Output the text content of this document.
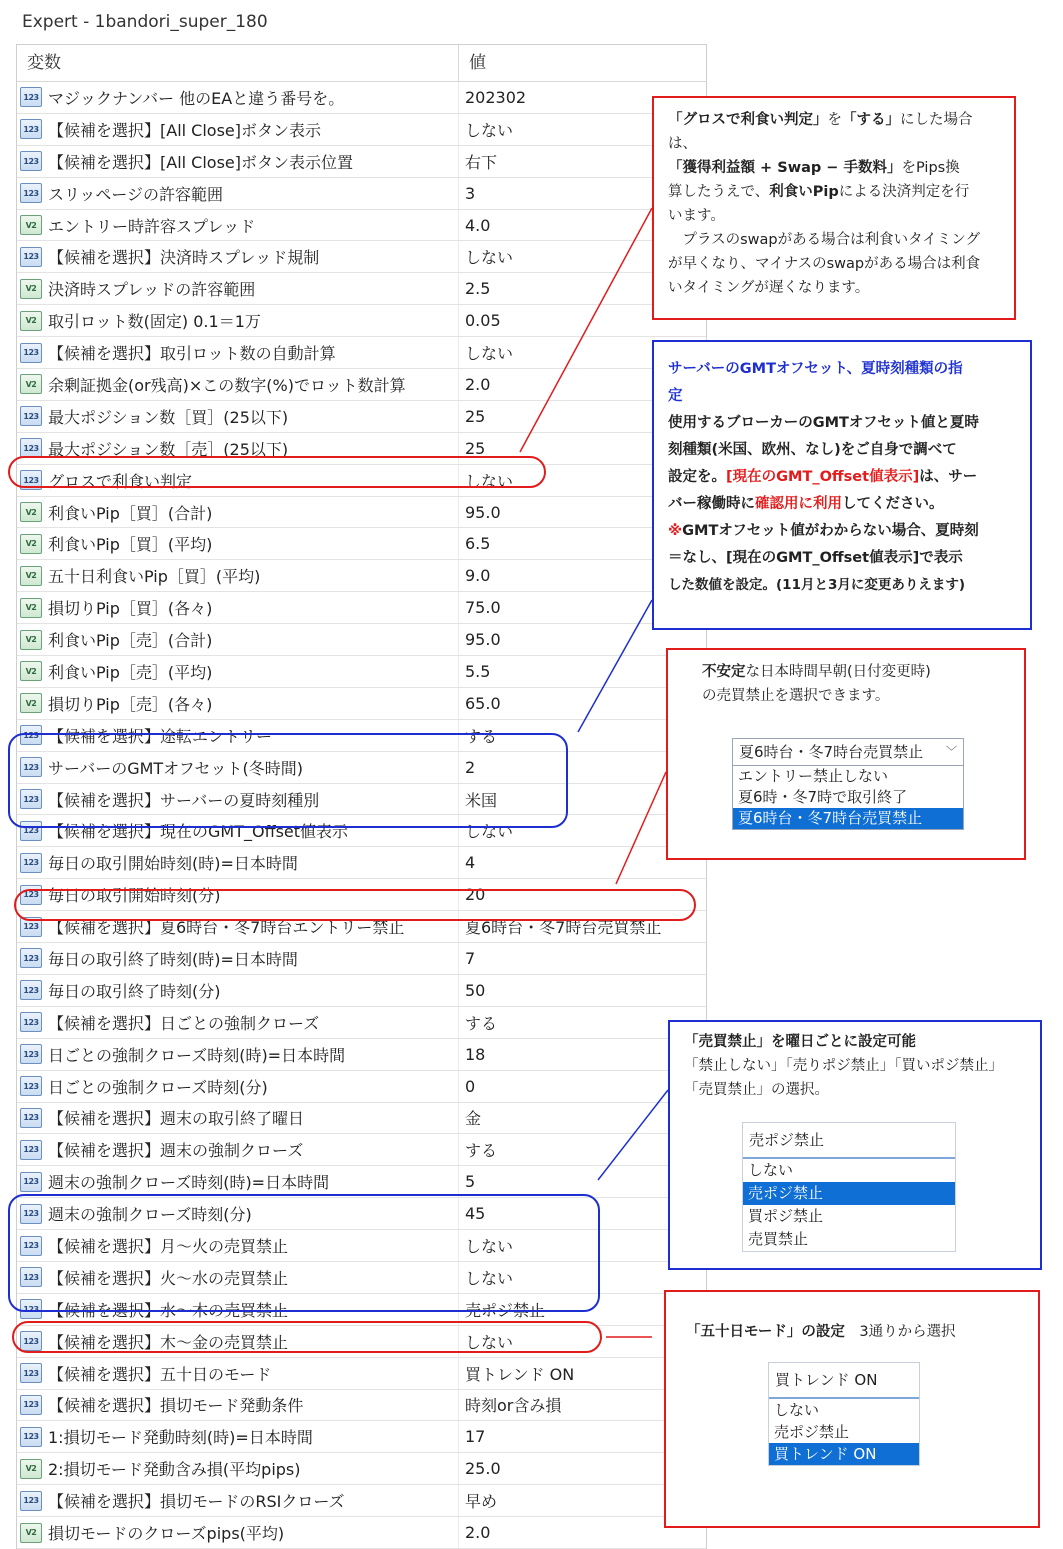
Expert - 1bandori_super_180
変数	値
123 マジックナンバー 他のEAと違う番号を。	202302
123 【候補を選択】[All Close]ボタン表示	しない
123 【候補を選択】[All Close]ボタン表示位置	右下
123 スリッページの許容範囲	3
V2 エントリー時許容スプレッド	4.0
123 【候補を選択】決済時スプレッド規制	しない
V2 決済時スプレッドの許容範囲	2.5
V2 取引ロット数(固定) 0.1＝1万	0.05
123 【候補を選択】取引ロット数の自動計算	しない
V2 余剰証拠金(or残高)×この数字(%)でロット数計算	2.0
123 最大ポジション数［買］(25以下)	25
123 最大ポジション数［売］(25以下)	25
123 グロスで利食い判定	しない
V2 利食いPip［買］(合計)	95.0
V2 利食いPip［買］(平均)	6.5
V2 五十日利食いPip［買］(平均)	9.0
V2 損切りPip［買］(各々)	75.0
V2 利食いPip［売］(合計)	95.0
V2 利食いPip［売］(平均)	5.5
V2 損切りPip［売］(各々)	65.0
123 【候補を選択】途転エントリー	する
123 サーバーのGMTオフセット(冬時間)	2
123 【候補を選択】サーバーの夏時刻種別	米国
123 【候補を選択】現在のGMT_Offset値表示	しない
123 毎日の取引開始時刻(時)=日本時間	4
123 毎日の取引開始時刻(分)	20
123 【候補を選択】夏6時台・冬7時台エントリー禁止	夏6時台・冬7時台売買禁止
123 毎日の取引終了時刻(時)=日本時間	7
123 毎日の取引終了時刻(分)	50
123 【候補を選択】日ごとの強制クローズ	する
123 日ごとの強制クローズ時刻(時)=日本時間	18
123 日ごとの強制クローズ時刻(分)	0
123 【候補を選択】週末の取引終了曜日	金
123 【候補を選択】週末の強制クローズ	する
123 週末の強制クローズ時刻(時)=日本時間	5
123 週末の強制クローズ時刻(分)	45
123 【候補を選択】月～火の売買禁止	しない
123 【候補を選択】火～水の売買禁止	しない
123 【候補を選択】水～木の売買禁止	売ポジ禁止
123 【候補を選択】木～金の売買禁止	しない
123 【候補を選択】五十日のモード	買トレンド ON
123 【候補を選択】損切モード発動条件	時刻or含み損
123 1:損切モード発動時刻(時)=日本時間	17
V2 2:損切モード発動含み損(平均pips)	25.0
123 【候補を選択】損切モードのRSIクローズ	早め
V2 損切モードのクローズpips(平均)	2.0
「グロスで利食い判定」を「する」にした場合は、
「獲得利益額 + Swap − 手数料」をPips換
算したうえで、利食いPipによる決済判定を行
います。
　プラスのswapがある場合は利食いタイミング
が早くなり、マイナスのswapがある場合は利食
いタイミングが遅くなります。
サーバーのGMTオフセット、夏時刻種類の指
定
使用するブローカーのGMTオフセット値と夏時
刻種類(米国、欧州、なし)をご自身で調べて
設定を。[現在のGMT_Offset値表示]は、サー
バー稼働時に確認用に利用してください。
※GMTオフセット値がわからない場合、夏時刻
＝なし、[現在のGMT_Offset値表示]で表示
した数値を設定。(11月と3月に変更ありえます)
不安定な日本時間早朝(日付変更時)
の売買禁止を選択できます。
夏6時台・冬7時台売買禁止 ﹀
エントリー禁止しない
夏6時・冬7時で取引終了
夏6時台・冬7時台売買禁止
「売買禁止」を曜日ごとに設定可能
「禁止しない」「売りポジ禁止」「買いポジ禁止」
「売買禁止」の選択。
売ポジ禁止
しない
売ポジ禁止
買ポジ禁止
売買禁止
「五十日モード」の設定　 3通りから選択
買トレンド ON
しない
売ポジ禁止
買トレンド ON
